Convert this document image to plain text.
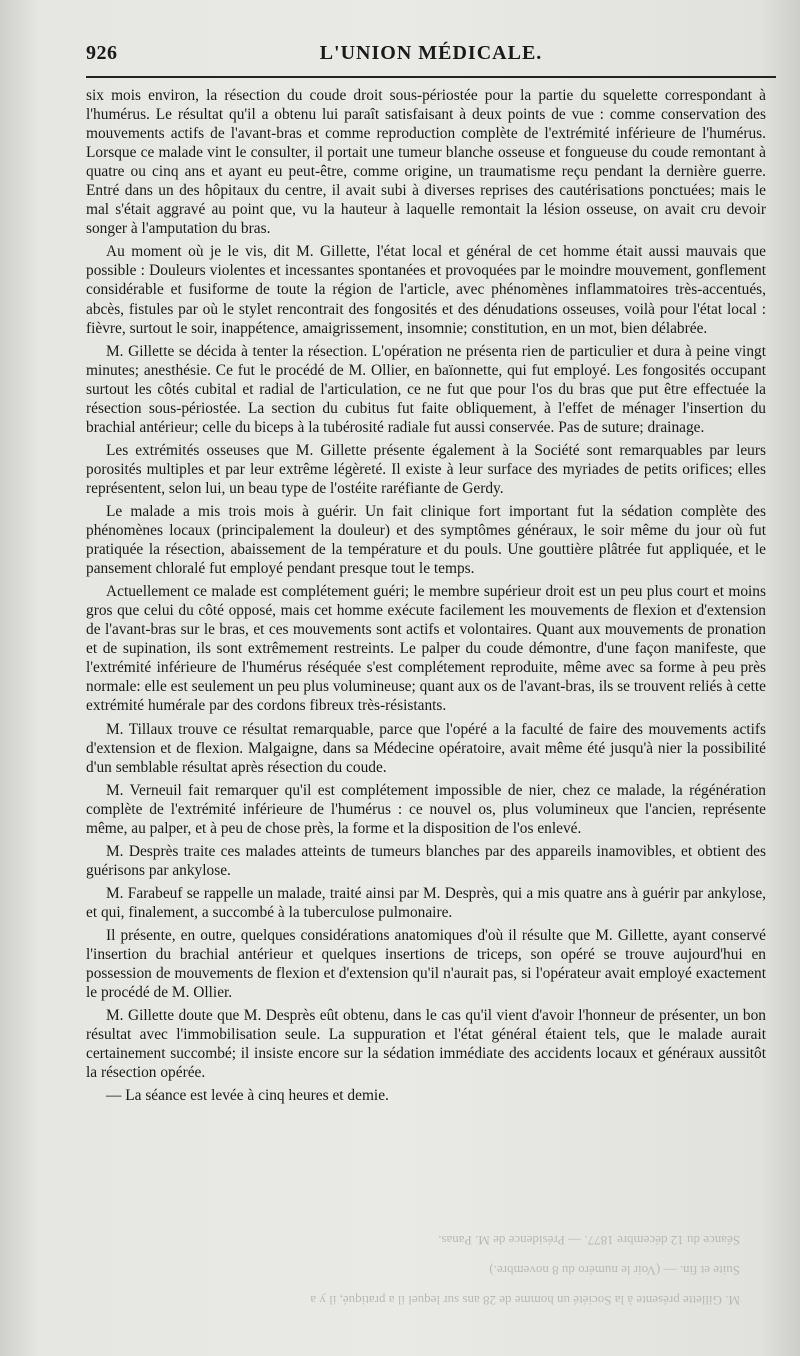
926	L'UNION MÉDICALE.

six mois environ, la résection du coude droit sous-périostée pour la partie du squelette correspondant à l'humérus. Le résultat qu'il a obtenu lui paraît satisfaisant à deux points de vue : comme conservation des mouvements actifs de l'avant-bras et comme reproduction complète de l'extrémité inférieure de l'humérus. Lorsque ce malade vint le consulter, il portait une tumeur blanche osseuse et fongueuse du coude remontant à quatre ou cinq ans et ayant eu peut-être, comme origine, un traumatisme reçu pendant la dernière guerre. Entré dans un des hôpitaux du centre, il avait subi à diverses reprises des cautérisations ponctuées; mais le mal s'était aggravé au point que, vu la hauteur à laquelle remontait la lésion osseuse, on avait cru devoir songer à l'amputation du bras.

Au moment où je le vis, dit M. Gillette, l'état local et général de cet homme était aussi mauvais que possible : Douleurs violentes et incessantes spontanées et provoquées par le moindre mouvement, gonflement considérable et fusiforme de toute la région de l'article, avec phénomènes inflammatoires très-accentués, abcès, fistules par où le stylet rencontrait des fongosités et des dénudations osseuses, voilà pour l'état local : fièvre, surtout le soir, inappétence, amaigrissement, insomnie; constitution, en un mot, bien délabrée.

M. Gillette se décida à tenter la résection. L'opération ne présenta rien de particulier et dura à peine vingt minutes; anesthésie. Ce fut le procédé de M. Ollier, en baïonnette, qui fut employé. Les fongosités occupant surtout les côtés cubital et radial de l'articulation, ce ne fut que pour l'os du bras que put être effectuée la résection sous-périostée. La section du cubitus fut faite obliquement, à l'effet de ménager l'insertion du brachial antérieur; celle du biceps à la tubérosité radiale fut aussi conservée. Pas de suture; drainage.

Les extrémités osseuses que M. Gillette présente également à la Société sont remarquables par leurs porosités multiples et par leur extrême légèreté. Il existe à leur surface des myriades de petits orifices; elles représentent, selon lui, un beau type de l'ostéite raréfiante de Gerdy.

Le malade a mis trois mois à guérir. Un fait clinique fort important fut la sédation complète des phénomènes locaux (principalement la douleur) et des symptômes généraux, le soir même du jour où fut pratiquée la résection, abaissement de la température et du pouls. Une gouttière plâtrée fut appliquée, et le pansement chloralé fut employé pendant presque tout le temps.

Actuellement ce malade est complétement guéri; le membre supérieur droit est un peu plus court et moins gros que celui du côté opposé, mais cet homme exécute facilement les mouvements de flexion et d'extension de l'avant-bras sur le bras, et ces mouvements sont actifs et volontaires. Quant aux mouvements de pronation et de supination, ils sont extrêmement restreints. Le palper du coude démontre, d'une façon manifeste, que l'extrémité inférieure de l'humérus réséquée s'est complétement reproduite, même avec sa forme à peu près normale: elle est seulement un peu plus volumineuse; quant aux os de l'avant-bras, ils se trouvent reliés à cette extrémité humérale par des cordons fibreux très-résistants.

M. Tillaux trouve ce résultat remarquable, parce que l'opéré a la faculté de faire des mouvements actifs d'extension et de flexion. Malgaigne, dans sa Médecine opératoire, avait même été jusqu'à nier la possibilité d'un semblable résultat après résection du coude.

M. Verneuil fait remarquer qu'il est complétement impossible de nier, chez ce malade, la régénération complète de l'extrémité inférieure de l'humérus : ce nouvel os, plus volumineux que l'ancien, représente même, au palper, et à peu de chose près, la forme et la disposition de l'os enlevé.

M. Desprès traite ces malades atteints de tumeurs blanches par des appareils inamovibles, et obtient des guérisons par ankylose.

M. Farabeuf se rappelle un malade, traité ainsi par M. Desprès, qui a mis quatre ans à guérir par ankylose, et qui, finalement, a succombé à la tuberculose pulmonaire.

Il présente, en outre, quelques considérations anatomiques d'où il résulte que M. Gillette, ayant conservé l'insertion du brachial antérieur et quelques insertions de triceps, son opéré se trouve aujourd'hui en possession de mouvements de flexion et d'extension qu'il n'aurait pas, si l'opérateur avait employé exactement le procédé de M. Ollier.

M. Gillette doute que M. Desprès eût obtenu, dans le cas qu'il vient d'avoir l'honneur de présenter, un bon résultat avec l'immobilisation seule. La suppuration et l'état général étaient tels, que le malade aurait certainement succombé; il insiste encore sur la sédation immédiate des accidents locaux et généraux aussitôt la résection opérée.

— La séance est levée à cinq heures et demie.

Séance du 12 décembre 1877. — Présidence de M. Panas.
Suite et fin. — (Voir le numéro du 8 novembre.)
M. Gillette présente à la Société un homme de 28 ans sur lequel il a pratiqué, il y a
